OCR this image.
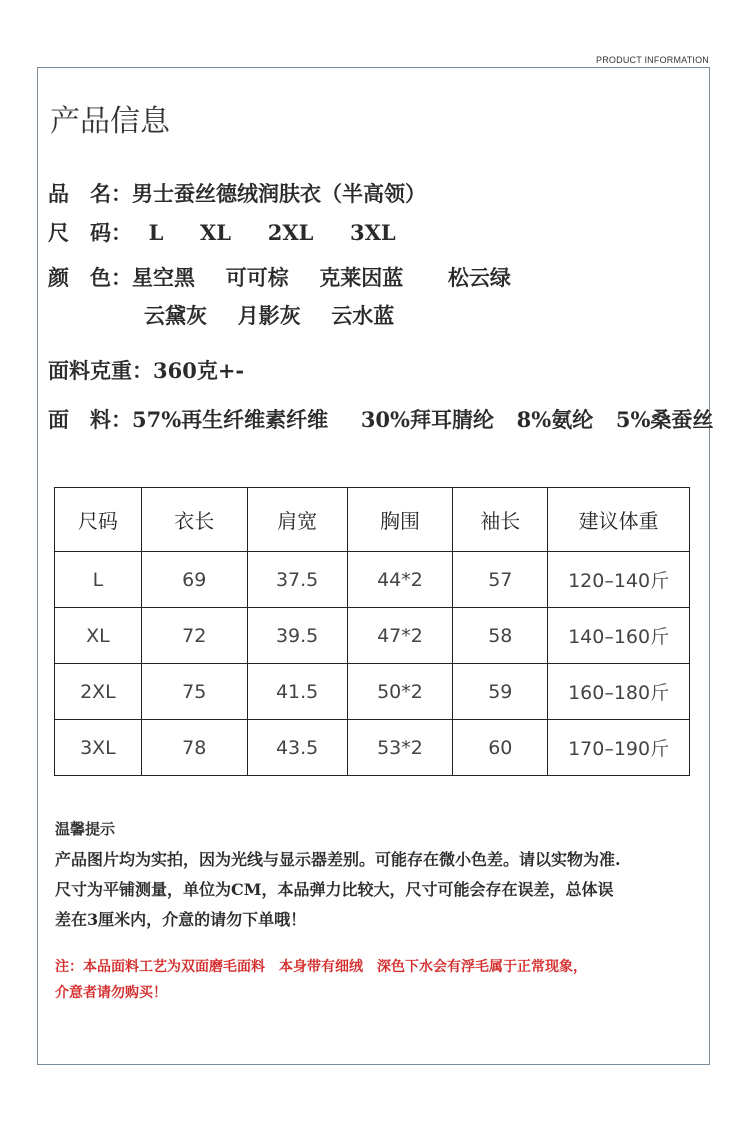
PRODUCT INFORMATION
产品信息
品　名：男士蚕丝德绒润肤衣（半高领）
尺　码： L XL 2XL 3XL
颜　色：星空黑 可可棕 克莱因蓝 松云绿
云黛灰 月影灰 云水蓝
面料克重：360克+-
面　料：57%再生纤维素纤维 30%拜耳腈纶 8%氨纶 5%桑蚕丝
尺码	衣长	肩宽	胸围	袖长	建议体重
L	69	37.5	44*2	57	120–140斤
XL	72	39.5	47*2	58	140–160斤
2XL	75	41.5	50*2	59	160–180斤
3XL	78	43.5	53*2	60	170–190斤
温馨提示
产品图片均为实拍，因为光线与显示器差别。可能存在微小色差。请以实物为准.
尺寸为平铺测量，单位为CM，本品弹力比较大，尺寸可能会存在误差，总体误
差在3厘米内，介意的请勿下单哦！
注：本品面料工艺为双面磨毛面料　本身带有细绒　深色下水会有浮毛属于正常现象，
介意者请勿购买！
